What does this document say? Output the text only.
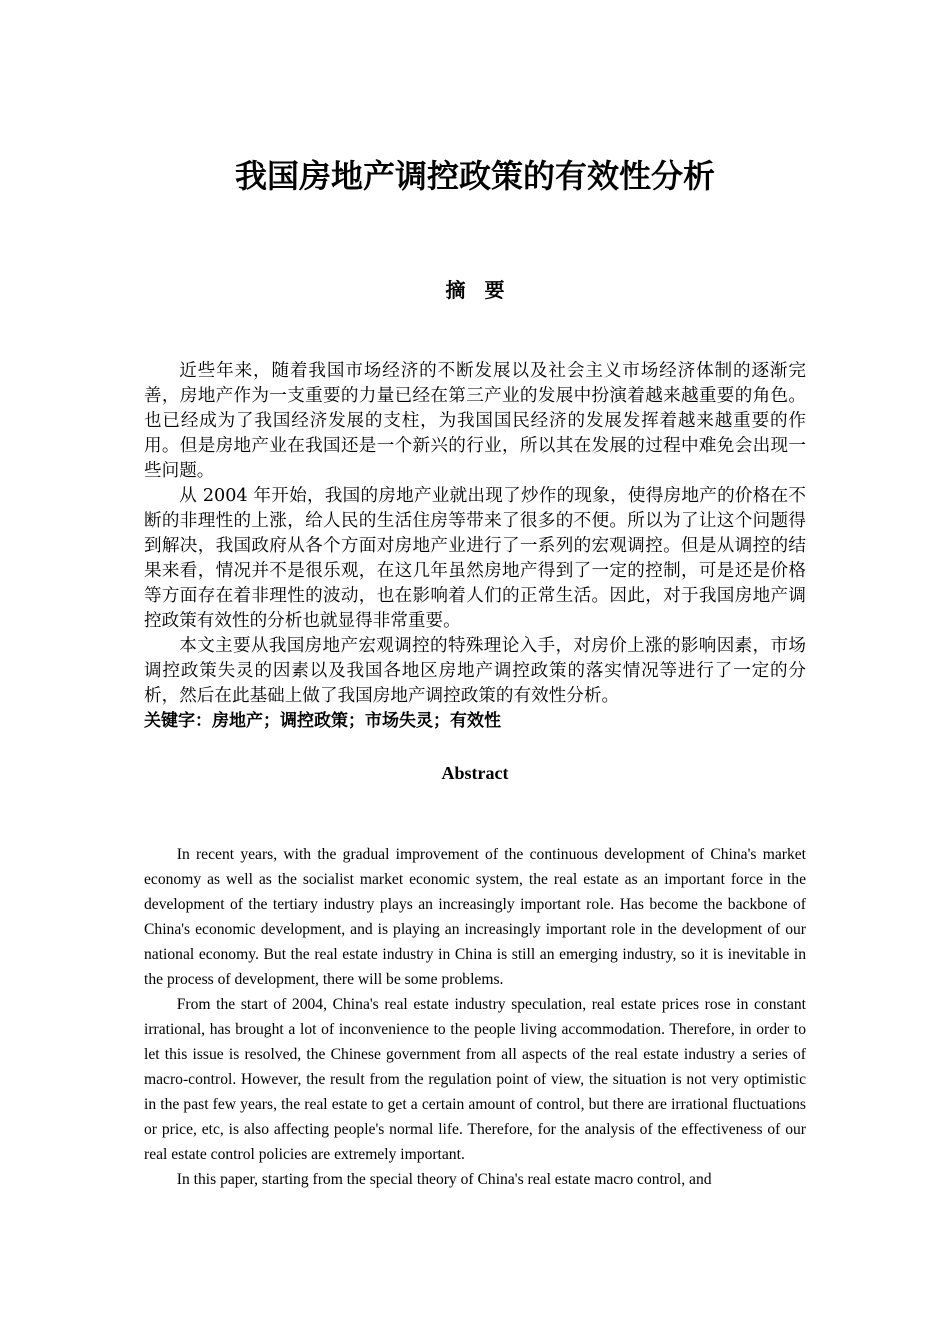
我国房地产调控政策的有效性分析
摘 要

近些年来，随着我国市场经济的不断发展以及社会主义市场经济体制的逐渐完善，房地产作为一支重要的力量已经在第三产业的发展中扮演着越来越重要的角色。也已经成为了我国经济发展的支柱，为我国国民经济的发展发挥着越来越重要的作用。但是房地产业在我国还是一个新兴的行业，所以其在发展的过程中难免会出现一些问题。

从 2004 年开始，我国的房地产业就出现了炒作的现象，使得房地产的价格在不断的非理性的上涨，给人民的生活住房等带来了很多的不便。所以为了让这个问题得到解决，我国政府从各个方面对房地产业进行了一系列的宏观调控。但是从调控的结果来看，情况并不是很乐观，在这几年虽然房地产得到了一定的控制，可是还是价格等方面存在着非理性的波动，也在影响着人们的正常生活。因此，对于我国房地产调控政策有效性的分析也就显得非常重要。

本文主要从我国房地产宏观调控的特殊理论入手，对房价上涨的影响因素，市场调控政策失灵的因素以及我国各地区房地产调控政策的落实情况等进行了一定的分析，然后在此基础上做了我国房地产调控政策的有效性分析。

关键字：房地产；调控政策；市场失灵；有效性
Abstract

In recent years, with the gradual improvement of the continuous development of China's market economy as well as the socialist market economic system, the real estate as an important force in the development of the tertiary industry plays an increasingly important role. Has become the backbone of China's economic development, and is playing an increasingly important role in the development of our national economy. But the real estate industry in China is still an emerging industry, so it is inevitable in the process of development, there will be some problems.

From the start of 2004, China's real estate industry speculation, real estate prices rose in constant irrational, has brought a lot of inconvenience to the people living accommodation. Therefore, in order to let this issue is resolved, the Chinese government from all aspects of the real estate industry a series of macro-control. However, the result from the regulation point of view, the situation is not very optimistic in the past few years, the real estate to get a certain amount of control, but there are irrational fluctuations or price, etc, is also affecting people's normal life. Therefore, for the analysis of the effectiveness of our real estate control policies are extremely important.

In this paper, starting from the special theory of China's real estate macro control, and
